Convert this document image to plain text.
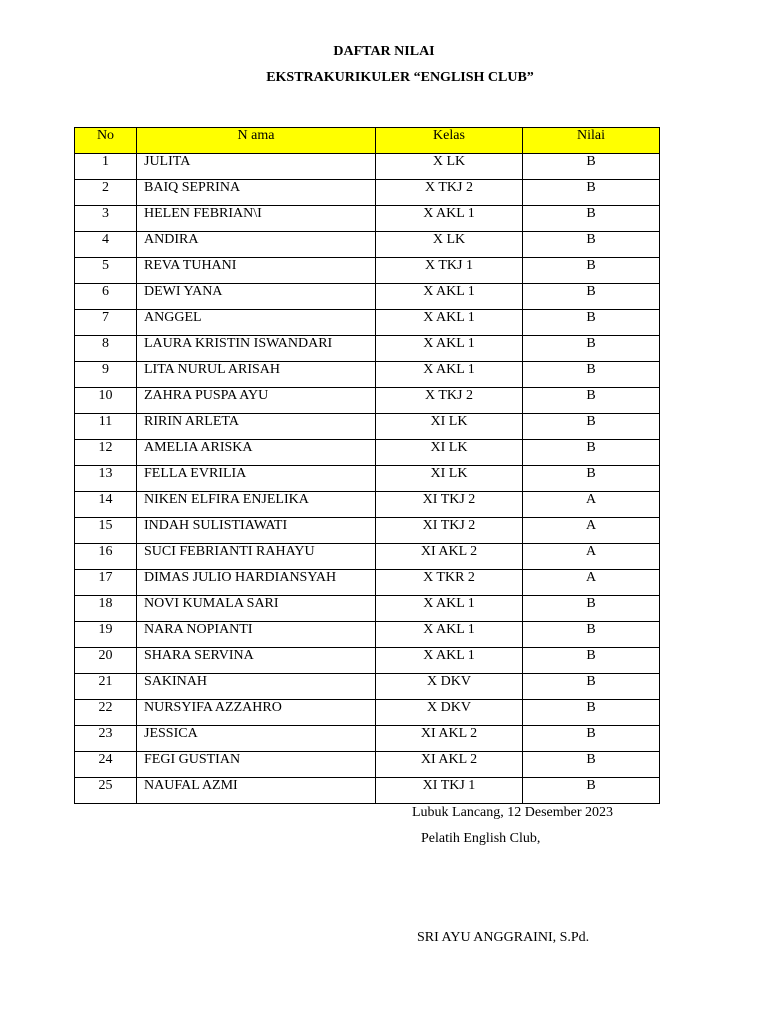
DAFTAR NILAI
EKSTRAKURIKULER “ENGLISH CLUB”
No	N ama	Kelas	Nilai
1	JULITA	X LK	B
2	BAIQ SEPRINA	X TKJ 2	B
3	HELEN FEBRIAN\I	X AKL 1	B
4	ANDIRA	X LK	B
5	REVA TUHANI	X TKJ 1	B
6	DEWI YANA	X AKL 1	B
7	ANGGEL	X AKL 1	B
8	LAURA KRISTIN ISWANDARI	X AKL 1	B
9	LITA NURUL ARISAH	X AKL 1	B
10	ZAHRA PUSPA AYU	X TKJ 2	B
11	RIRIN ARLETA	XI LK	B
12	AMELIA ARISKA	XI LK	B
13	FELLA EVRILIA	XI LK	B
14	NIKEN ELFIRA ENJELIKA	XI TKJ 2	A
15	INDAH SULISTIAWATI	XI TKJ 2	A
16	SUCI FEBRIANTI RAHAYU	XI AKL 2	A
17	DIMAS JULIO HARDIANSYAH	X TKR 2	A
18	NOVI KUMALA SARI	X AKL 1	B
19	NARA NOPIANTI	X AKL 1	B
20	SHARA SERVINA	X AKL 1	B
21	SAKINAH	X DKV	B
22	NURSYIFA AZZAHRO	X DKV	B
23	JESSICA	XI AKL 2	B
24	FEGI GUSTIAN	XI AKL 2	B
25	NAUFAL AZMI	XI TKJ 1	B
Lubuk Lancang, 12 Desember 2023
Pelatih English Club,
SRI AYU ANGGRAINI, S.Pd.
